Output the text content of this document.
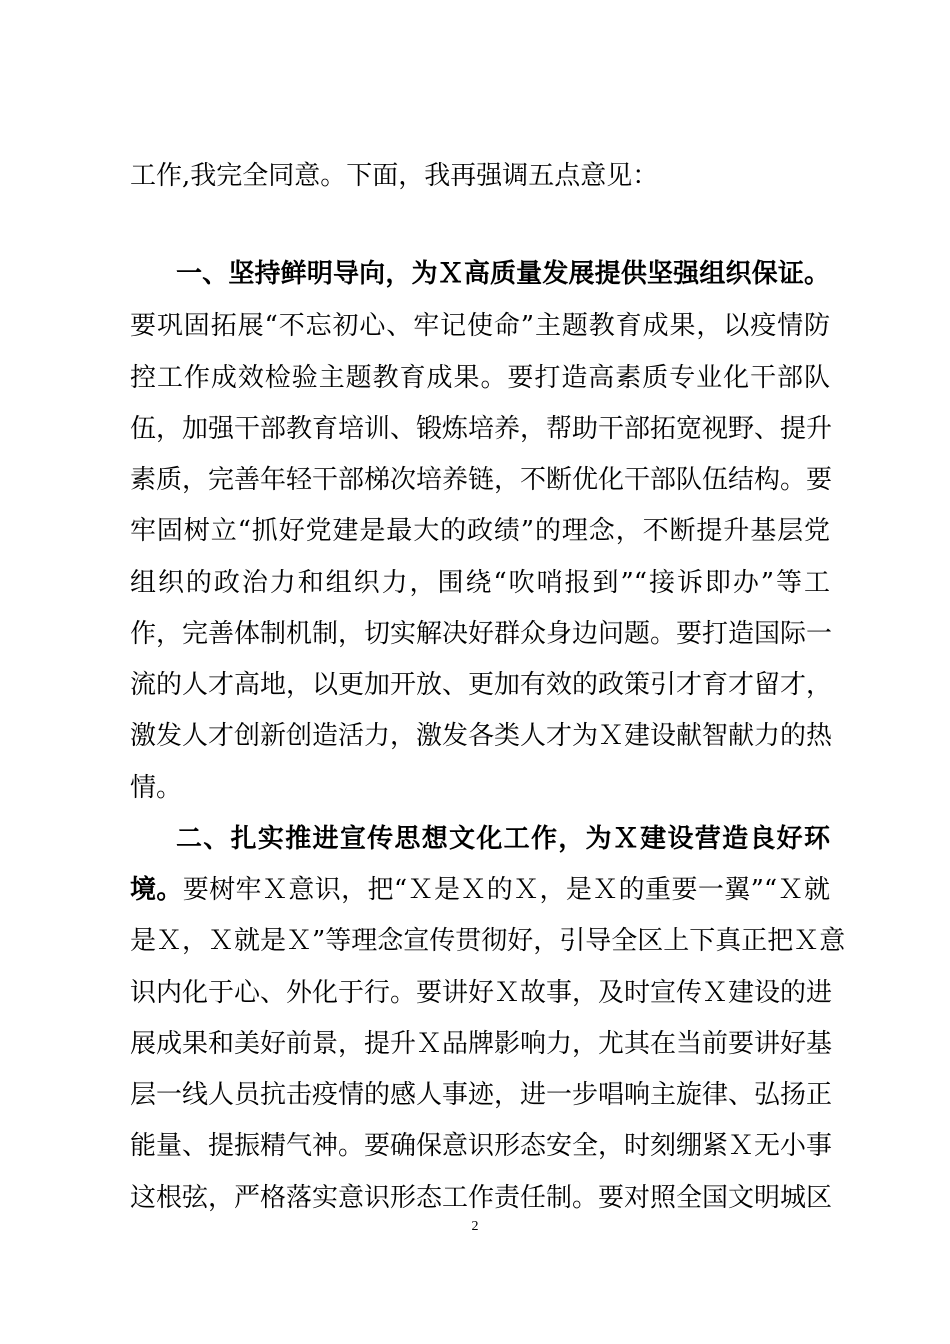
工作,我完全同意。下面，我再强调五点意见：
一、坚持鲜明导向，为Ｘ高质量发展提供坚强组织保证。
要巩固拓展“不忘初心、牢记使命”主题教育成果，以疫情防
控工作成效检验主题教育成果。要打造高素质专业化干部队
伍，加强干部教育培训、锻炼培养，帮助干部拓宽视野、提升
素质，完善年轻干部梯次培养链，不断优化干部队伍结构。要
牢固树立“抓好党建是最大的政绩”的理念，不断提升基层党
组织的政治力和组织力，围绕“吹哨报到”“接诉即办”等工
作，完善体制机制，切实解决好群众身边问题。要打造国际一
流的人才高地，以更加开放、更加有效的政策引才育才留才，
激发人才创新创造活力，激发各类人才为Ｘ建设献智献力的热
情。
二、扎实推进宣传思想文化工作，为Ｘ建设营造良好环
境。要树牢Ｘ意识，把“Ｘ是Ｘ的Ｘ，是Ｘ的重要一翼”“Ｘ就
是Ｘ，Ｘ就是Ｘ”等理念宣传贯彻好，引导全区上下真正把Ｘ意
识内化于心、外化于行。要讲好Ｘ故事，及时宣传Ｘ建设的进
展成果和美好前景，提升Ｘ品牌影响力，尤其在当前要讲好基
层一线人员抗击疫情的感人事迹，进一步唱响主旋律、弘扬正
能量、提振精气神。要确保意识形态安全，时刻绷紧Ｘ无小事
这根弦，严格落实意识形态工作责任制。要对照全国文明城区
2
